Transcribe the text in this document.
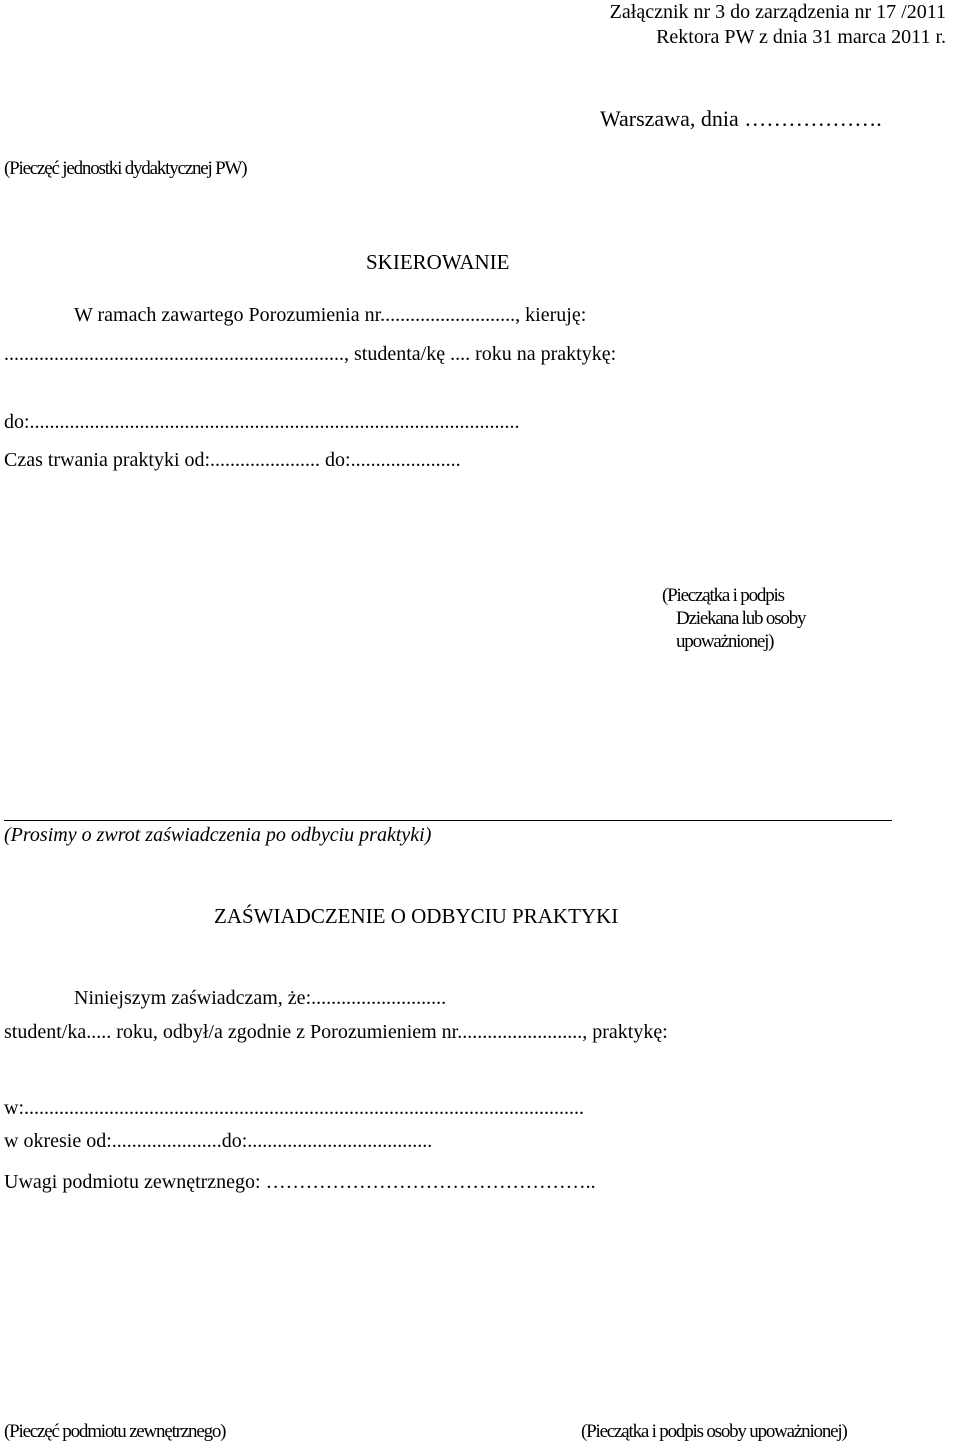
Załącznik nr 3 do zarządzenia nr 17 /2011
Rektora PW z dnia 31 marca 2011 r.
Warszawa, dnia ……………….
(Pieczęć jednostki dydaktycznej PW)
SKIEROWANIE
W ramach zawartego Porozumienia nr..........................., kieruję:
...................................................................., studenta/kę .... roku na praktykę:
do:..................................................................................................
Czas trwania praktyki od:...................... do:......................
(Pieczątka i podpis
Dziekana lub osoby
upoważnionej)
(Prosimy o zwrot zaświadczenia po odbyciu praktyki)
ZAŚWIADCZENIE O ODBYCIU PRAKTYKI
Niniejszym zaświadczam, że:...........................
student/ka..... roku, odbył/a zgodnie z Porozumieniem nr........................., praktykę:
w:................................................................................................................
w okresie od:......................do:.....................................
Uwagi podmiotu zewnętrznego: …………………………………………..
(Pieczęć podmiotu zewnętrznego)	(Pieczątka i podpis osoby upoważnionej)
